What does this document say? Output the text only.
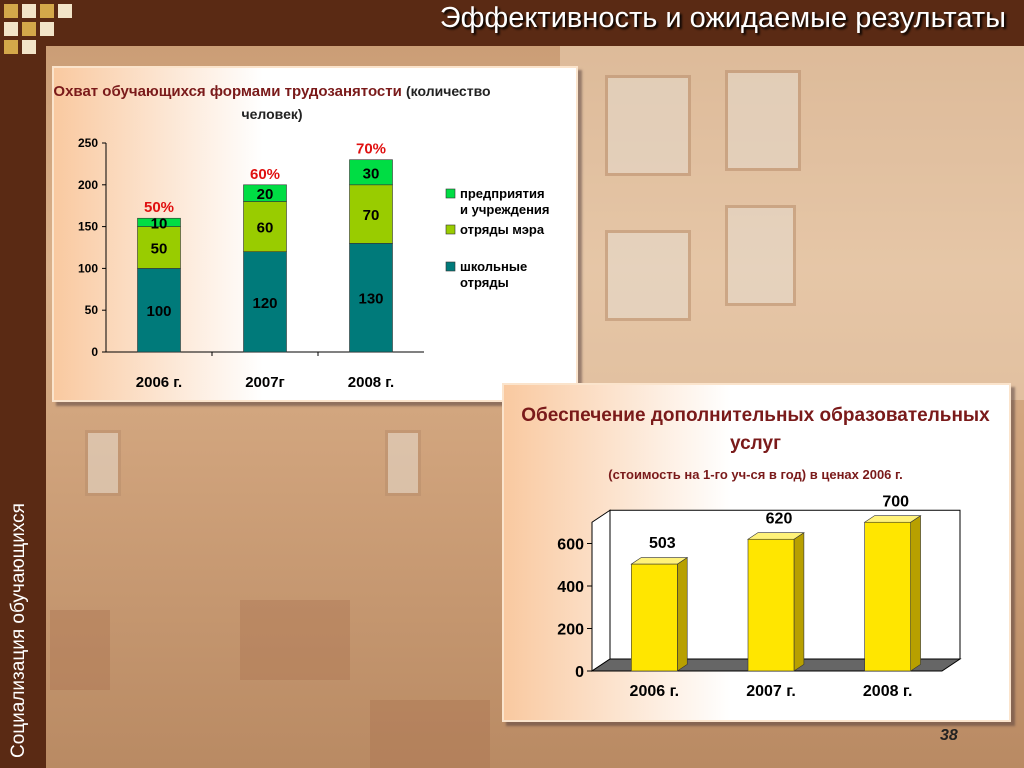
Эффективность и ожидаемые результаты
Социализация обучающихся
Охват обучающихся формами трудозанятости (количество человек)
0
50
100
150
200
250
100
50
10
50%
2006 г.
120
60
20
60%
2007г
130
70
30
70%
2008 г.
предприятия
и учреждения
отряды мэра
школьные
отряды
Обеспечение дополнительных образовательных услуг
(стоимость на 1-го уч-ся в год) в ценах 2006 г.
0
200
400
600	503
2006 г.
620
2007 г.
700
2008 г.
38
